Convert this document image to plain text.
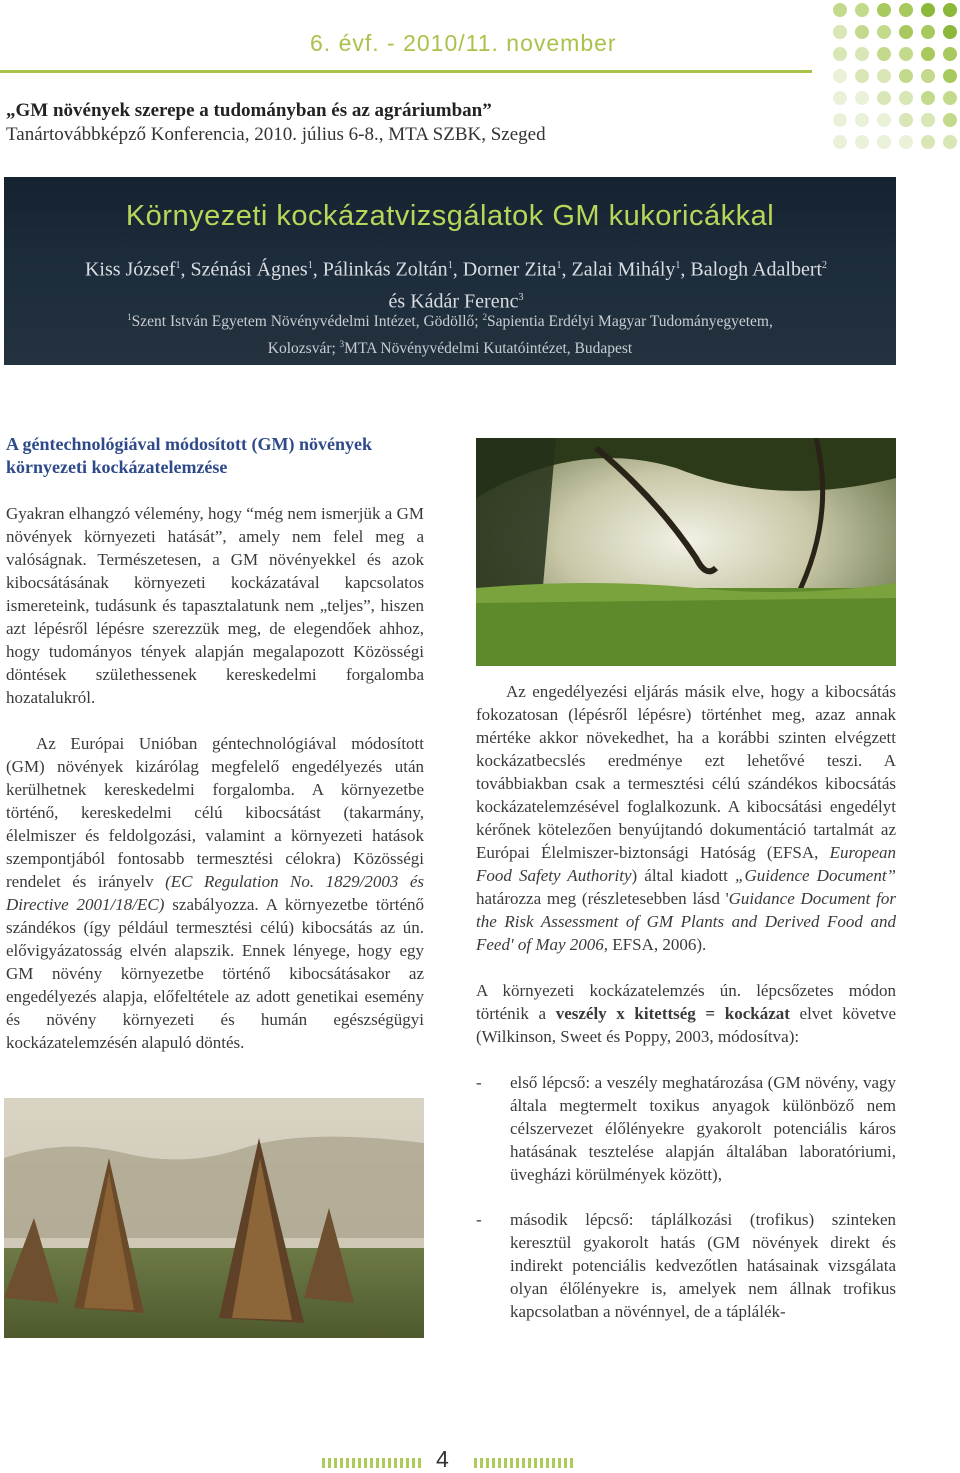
6. évf. - 2010/11. november
„GM növények szerepe a tudományban és az agráriumban”
Tanártovábbképző Konferencia, 2010. július 6-8., MTA SZBK, Szeged
Környezeti kockázatvizsgálatok GM kukoricákkal
Kiss József$^1$, Szénási Ágnes$^1$, Pálinkás Zoltán$^1$, Dorner Zita$^1$, Zalai Mihály$^1$, Balogh Adalbert$^2$
és Kádár Ferenc$^3$
$^1$Szent István Egyetem Növényvédelmi Intézet, Gödöllő; $^2$Sapientia Erdélyi Magyar Tudományegyetem,
Kolozsvár; $^3$MTA Növényvédelmi Kutatóintézet, Budapest
A géntechnológiával módosított (GM) növények környezeti kockázatelemzése
Gyakran elhangzó vélemény, hogy “még nem ismerjük a GM növények környezeti hatását”, amely nem felel meg a valóságnak. Természetesen, a GM növényekkel és azok kibocsátásának környezeti kockázatával kapcsolatos ismereteink, tudásunk és tapasztalatunk nem „teljes”, hiszen azt lépésről lépésre szerezzük meg, de elegendőek ahhoz, hogy tudományos tények alapján megalapozott Közösségi döntések születhessenek kereskedelmi forgalomba hozatalukról.
Az Európai Unióban géntechnológiával módosított (GM) növények kizárólag megfelelő engedélyezés után kerülhetnek kereskedelmi forgalomba. A környezetbe történő, kereskedelmi célú kibocsátást (takarmány, élelmiszer és feldolgozási, valamint a környezeti hatások szempontjából fontosabb termesztési célokra) Közösségi rendelet és irányelv (EC Regulation No. 1829/2003 és Directive 2001/18/EC) szabályozza. A környezetbe történő szándékos (így például termesztési célú) kibocsátás az ún. elővigyázatosság elvén alapszik. Ennek lényege, hogy egy GM növény környezetbe történő kibocsátásakor az engedélyezés alapja, előfeltétele az adott genetikai esemény és növény környezeti és humán egészségügyi kockázatelemzésén alapuló döntés.
Az engedélyezési eljárás másik elve, hogy a kibocsátás fokozatosan (lépésről lépésre) történhet meg, azaz annak mértéke akkor növekedhet, ha a korábbi szinten elvégzett kockázatbecslés eredménye ezt lehetővé teszi. A továbbiakban csak a termesztési célú szándékos kibocsátás kockázatelemzésével foglalkozunk. A kibocsátási engedélyt kérőnek kötelezően benyújtandó dokumentáció tartalmát az Európai Élelmiszer-biztonsági Hatóság (EFSA, European Food Safety Authority) által kiadott „Guidence Document” határozza meg (részletesebben lásd 'Guidance Document for the Risk Assessment of GM Plants and Derived Food and Feed' of May 2006, EFSA, 2006).
A környezeti kockázatelemzés ún. lépcsőzetes módon történik a veszély x kitettség = kockázat elvet követve (Wilkinson, Sweet és Poppy, 2003, módosítva):
- első lépcső: a veszély meghatározása (GM növény, vagy általa megtermelt toxikus anyagok különböző nem célszervezet élőlényekre gyakorolt potenciális káros hatásának tesztelése alapján általában laboratóriumi, üvegházi körülmények között),
- második lépcső: táplálkozási (trofikus) szinteken keresztül gyakorolt hatás (GM növények direkt és indirekt potenciális kedvezőtlen hatásainak vizsgálata olyan élőlényekre is, amelyek nem állnak trofikus kapcsolatban a növénnyel, de a táplálék-
4
